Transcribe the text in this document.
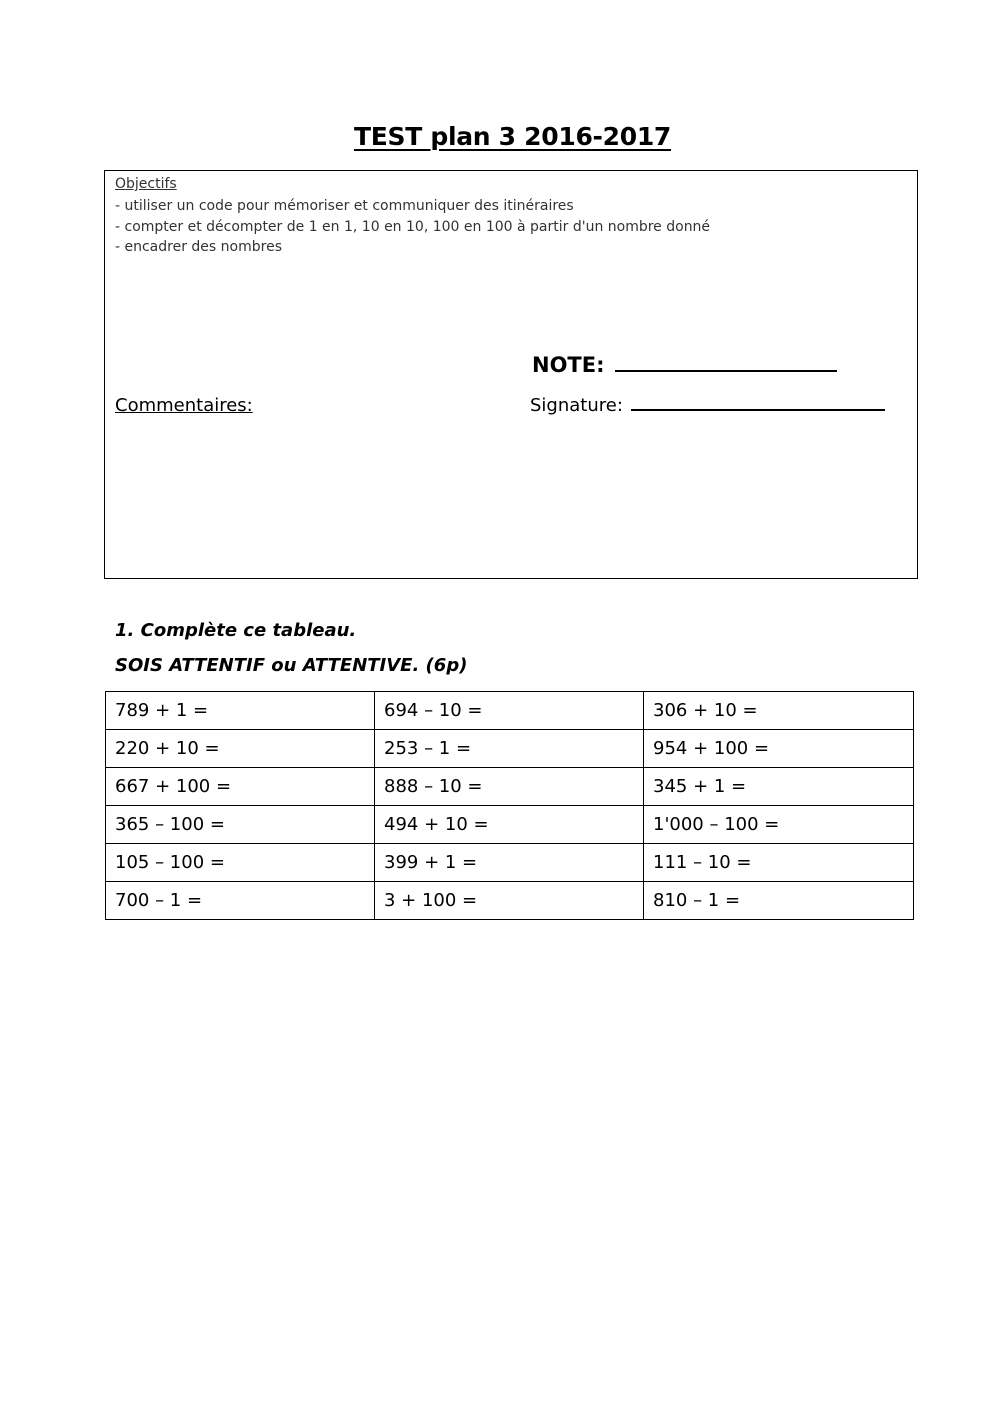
TEST plan 3 2016-2017
Objectifs
- utiliser un code pour mémoriser et communiquer des itinéraires
- compter et décompter de 1 en 1, 10 en 10, 100 en 100 à partir d'un nombre donné
- encadrer des nombres
NOTE:
Commentaires:	Signature:
1. Complète ce tableau.
SOIS ATTENTIF ou ATTENTIVE. (6p)
789 + 1 =	694 – 10 =	306 + 10 =
220 + 10 =	253 – 1 =	954 + 100 =
667 + 100 =	888 – 10 =	345 + 1 =
365 – 100 =	494 + 10 =	1'000 – 100 =
105 – 100 =	399 + 1 =	111 – 10 =
700 – 1 =	3 + 100 =	810 – 1 =
